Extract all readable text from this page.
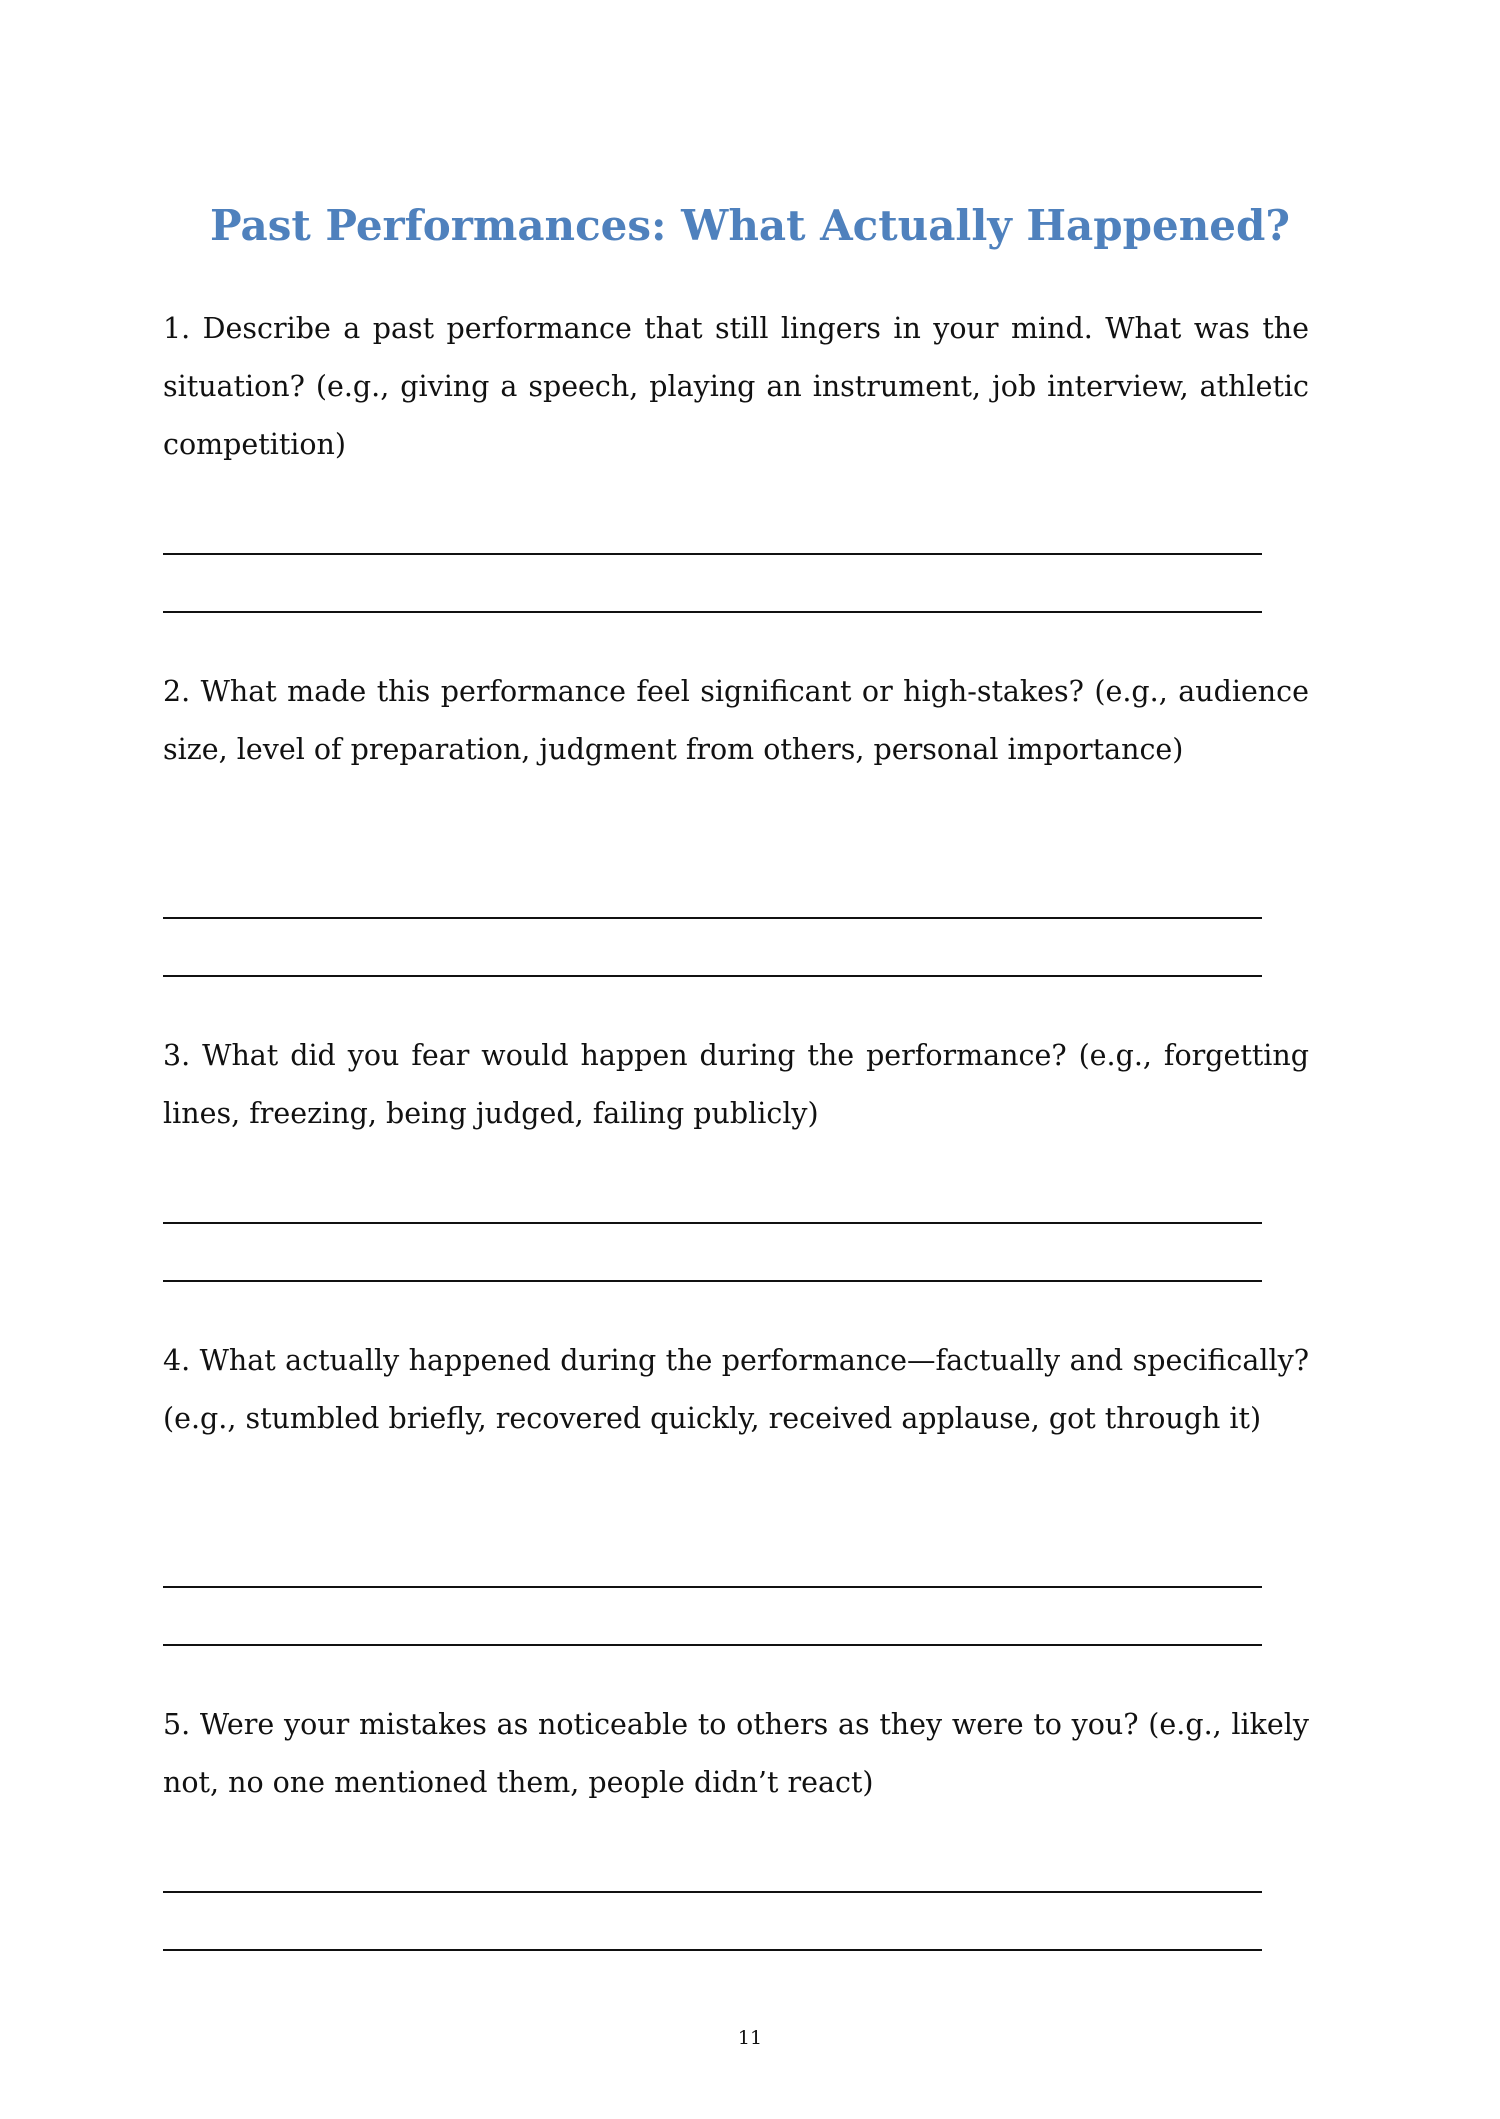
Past Performances: What Actually Happened?

1. Describe a past performance that still lingers in your mind. What was the situation? (e.g., giving a speech, playing an instrument, job interview, athletic competition)

2. What made this performance feel significant or high-stakes? (e.g., audience size, level of preparation, judgment from others, personal importance)

3. What did you fear would happen during the performance? (e.g., forgetting lines, freezing, being judged, failing publicly)

4. What actually happened during the performance—factually and specifically? (e.g., stumbled briefly, recovered quickly, received applause, got through it)

5. Were your mistakes as noticeable to others as they were to you? (e.g., likely not, no one mentioned them, people didn’t react)

11
